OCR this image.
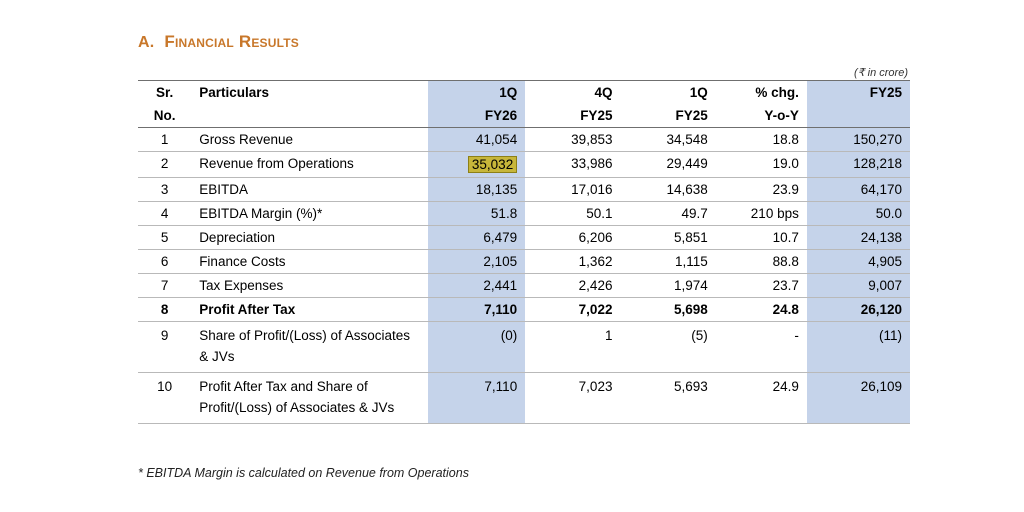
A. Financial Results
(₹ in crore)
Sr.	Particulars	1Q	4Q	1Q	% chg.	FY25
No.		FY26	FY25	FY25	Y-o-Y	
1	Gross Revenue	41,054	39,853	34,548	18.8	150,270
2	Revenue from Operations	35,032	33,986	29,449	19.0	128,218
3	EBITDA	18,135	17,016	14,638	23.9	64,170
4	EBITDA Margin (%)*	51.8	50.1	49.7	210 bps	50.0
5	Depreciation	6,479	6,206	5,851	10.7	24,138
6	Finance Costs	2,105	1,362	1,115	88.8	4,905
7	Tax Expenses	2,441	2,426	1,974	23.7	9,007
8	Profit After Tax	7,110	7,022	5,698	24.8	26,120
9	Share of Profit/(Loss) of Associates & JVs	(0)	1	(5)	-	(11)
10	Profit After Tax and Share of Profit/(Loss) of Associates & JVs	7,110	7,023	5,693	24.9	26,109
* EBITDA Margin is calculated on Revenue from Operations
